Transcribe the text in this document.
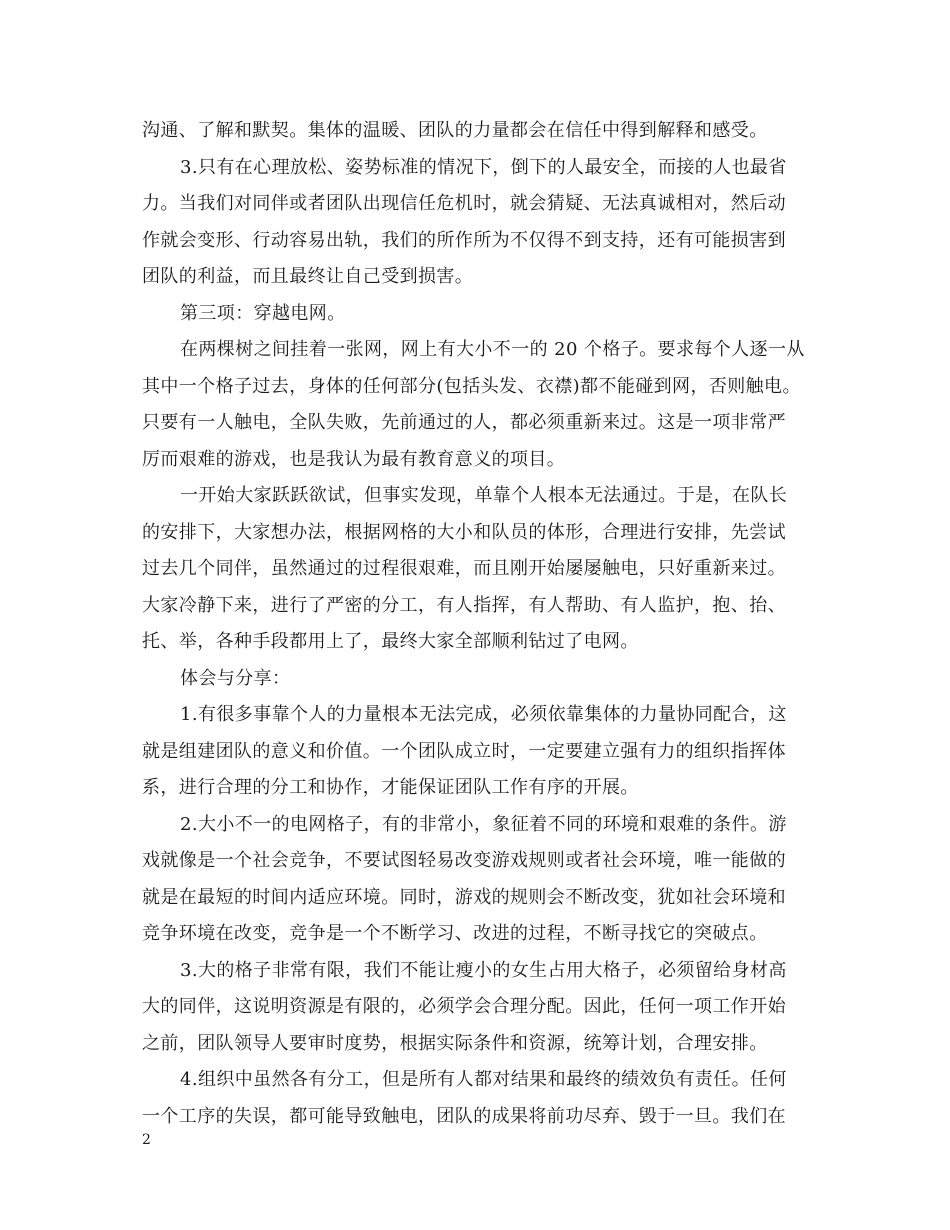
沟通、了解和默契。集体的温暖、团队的力量都会在信任中得到解释和感受。
3.只有在心理放松、姿势标准的情况下，倒下的人最安全，而接的人也最省
力。当我们对同伴或者团队出现信任危机时，就会猜疑、无法真诚相对，然后动
作就会变形、行动容易出轨，我们的所作所为不仅得不到支持，还有可能损害到
团队的利益，而且最终让自己受到损害。
第三项：穿越电网。
在两棵树之间挂着一张网，网上有大小不一的 20 个格子。要求每个人逐一从
其中一个格子过去，身体的任何部分(包括头发、衣襟)都不能碰到网，否则触电。
只要有一人触电，全队失败，先前通过的人，都必须重新来过。这是一项非常严
厉而艰难的游戏，也是我认为最有教育意义的项目。
一开始大家跃跃欲试，但事实发现，单靠个人根本无法通过。于是，在队长
的安排下，大家想办法，根据网格的大小和队员的体形，合理进行安排，先尝试
过去几个同伴，虽然通过的过程很艰难，而且刚开始屡屡触电，只好重新来过。
大家冷静下来，进行了严密的分工，有人指挥，有人帮助、有人监护，抱、抬、
托、举，各种手段都用上了，最终大家全部顺利钻过了电网。
体会与分享：
1.有很多事靠个人的力量根本无法完成，必须依靠集体的力量协同配合，这
就是组建团队的意义和价值。一个团队成立时，一定要建立强有力的组织指挥体
系，进行合理的分工和协作，才能保证团队工作有序的开展。
2.大小不一的电网格子，有的非常小，象征着不同的环境和艰难的条件。游
戏就像是一个社会竞争，不要试图轻易改变游戏规则或者社会环境，唯一能做的
就是在最短的时间内适应环境。同时，游戏的规则会不断改变，犹如社会环境和
竞争环境在改变，竞争是一个不断学习、改进的过程，不断寻找它的突破点。
3.大的格子非常有限，我们不能让瘦小的女生占用大格子，必须留给身材高
大的同伴，这说明资源是有限的，必须学会合理分配。因此，任何一项工作开始
之前，团队领导人要审时度势，根据实际条件和资源，统筹计划，合理安排。
4.组织中虽然各有分工，但是所有人都对结果和最终的绩效负有责任。任何
一个工序的失误，都可能导致触电，团队的成果将前功尽弃、毁于一旦。我们在
2
